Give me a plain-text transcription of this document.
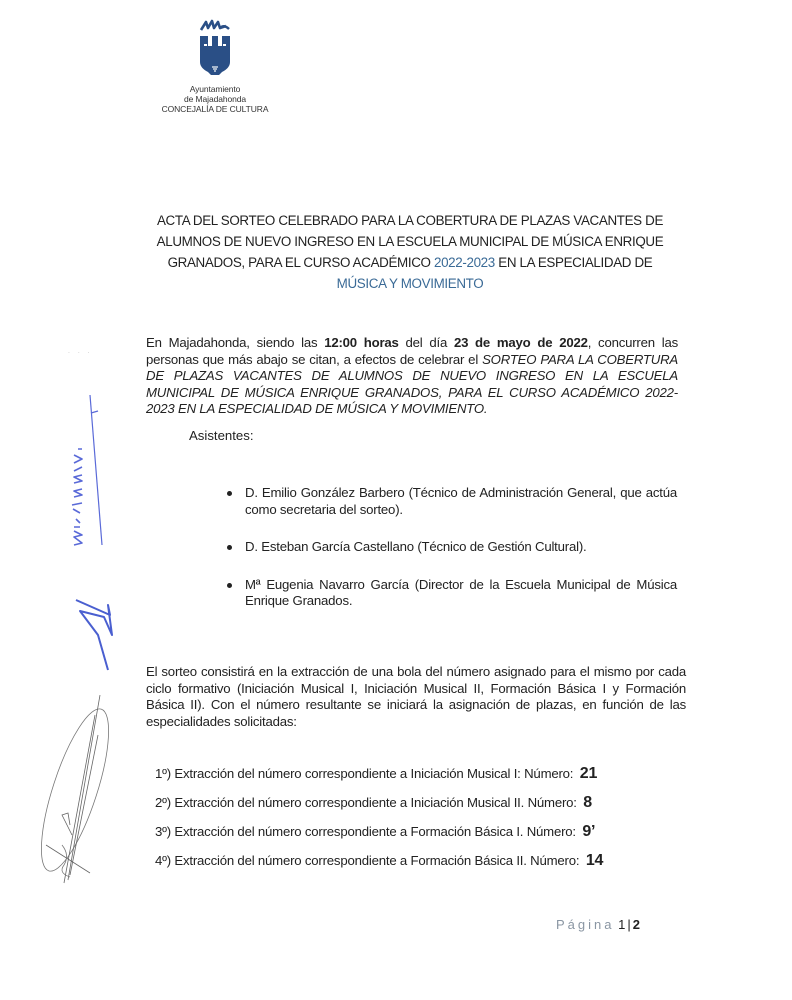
Ayuntamiento
de Majadahonda
CONCEJALÍA DE CULTURA
ACTA DEL SORTEO CELEBRADO PARA LA COBERTURA DE PLAZAS VACANTES DE
ALUMNOS DE NUEVO INGRESO EN LA ESCUELA MUNICIPAL DE MÚSICA ENRIQUE
GRANADOS, PARA EL CURSO ACADÉMICO 2022-2023 EN LA ESPECIALIDAD DE
MÚSICA Y MOVIMIENTO

En Majadahonda, siendo las 12:00 horas del día 23 de mayo de 2022, concurren las personas que más abajo se citan, a efectos de celebrar el SORTEO PARA LA COBERTURA DE PLAZAS VACANTES DE ALUMNOS DE NUEVO INGRESO EN LA ESCUELA MUNICIPAL DE MÚSICA ENRIQUE GRANADOS, PARA EL CURSO ACADÉMICO 2022-2023 EN LA ESPECIALIDAD DE MÚSICA Y MOVIMIENTO.

Asistentes:
D. Emilio González Barbero (Técnico de Administración General, que actúa como secretaria del sorteo).
D. Esteban García Castellano (Técnico de Gestión Cultural).
Mª Eugenia Navarro García (Director de la Escuela Municipal de Música Enrique Granados.

El sorteo consistirá en la extracción de una bola del número asignado para el mismo por cada ciclo formativo (Iniciación Musical I, Iniciación Musical II, Formación Básica I y Formación Básica II). Con el número resultante se iniciará la asignación de plazas, en función de las especialidades solicitadas:

1º) Extracción del número correspondiente a Iniciación Musical I: Número: 21
2º) Extracción del número correspondiente a Iniciación Musical II. Número: 8
3º) Extracción del número correspondiente a Formación Básica I. Número: 9’
4º) Extracción del número correspondiente a Formación Básica II. Número: 14
Página 1 | 2
· · ·
